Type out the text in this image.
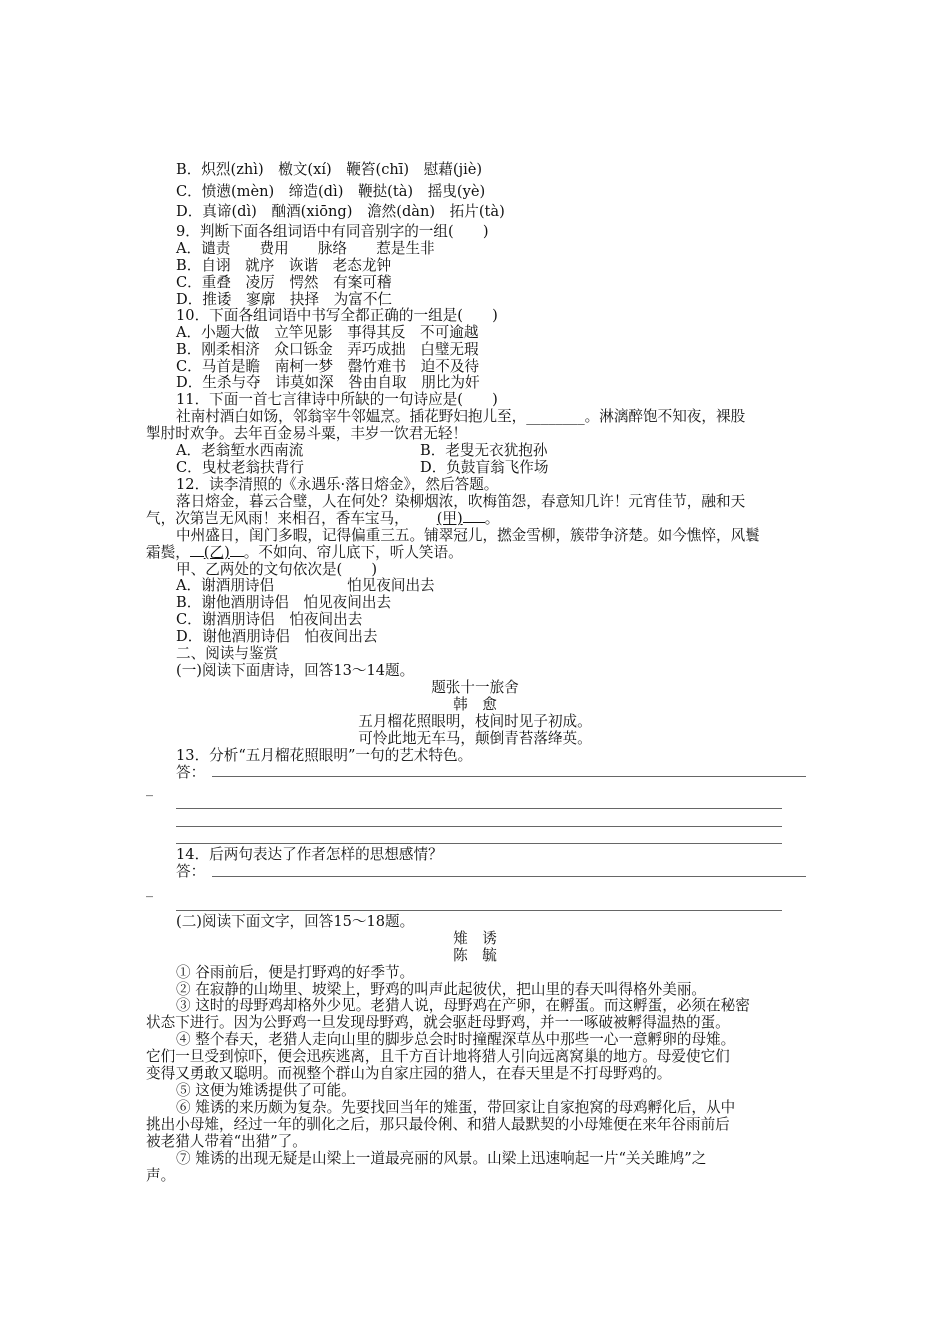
B．炽烈(zhì)　檄文(xí)　鞭笞(chī)　慰藉(jiè)
C．愤懑(mèn)　缔造(dì)　鞭挞(tà)　摇曳(yè)
D．真谛(dì)　酗酒(xiōng)　澹然(dàn)　拓片(tà)
9．判断下面各组词语中有同音别字的一组(　　)
A．谴责　　费用　　脉络　　惹是生非
B．自诩　就序　诙谐　老态龙钟
C．重叠　凌厉　愕然　有案可稽
D．推诿　寥廓　抉择　为富不仁
10．下面各组词语中书写全都正确的一组是(　　)
A．小题大做　立竿见影　事得其反　不可逾越
B．刚柔相济　众口铄金　弄巧成拙　白璧无瑕
C．马首是瞻　南柯一梦　罄竹难书　迫不及待
D．生杀与夺　讳莫如深　咎由自取　朋比为奸
11．下面一首七言律诗中所缺的一句诗应是(　　)
社南村酒白如饧，邻翁宰牛邻媪烹。插花野妇抱儿至，________。淋漓醉饱不知夜，裸股
掣肘时欢争。去年百金易斗粟，丰岁一饮君无轻！
A．老翁堑水西南流	B．老叟无衣犹抱孙
C．曳杖老翁扶背行	D．负鼓盲翁飞作场
12．读李清照的《永遇乐·落日熔金》，然后答题。
落日熔金，暮云合璧，人在何处？染柳烟浓，吹梅笛怨，春意知几许！元宵佳节，融和天
气，次第岂无风雨！来相召，香车宝马， (甲) 。
中州盛日，闺门多暇，记得偏重三五。铺翠冠儿，撚金雪柳，簇带争济楚。如今憔悴，风鬟
霜鬓， (乙) 。不如向、帘儿底下，听人笑语。
甲、乙两处的文句依次是(　　)
A．谢酒朋诗侣　　　　　怕见夜间出去
B．谢他酒朋诗侣　怕见夜间出去
C．谢酒朋诗侣　怕夜间出去
D．谢他酒朋诗侣　怕夜间出去
二、阅读与鉴赏
(一)阅读下面唐诗，回答13～14题。
题张十一旅舍
韩　愈
五月榴花照眼明，枝间时见子初成。
可怜此地无车马，颠倒青苔落绛英。
13．分析“五月榴花照眼明”一句的艺术特色。
答：
_
14．后两句表达了作者怎样的思想感情？
答：
_
(二)阅读下面文字，回答15～18题。
雉　诱
陈　毓
① 谷雨前后，便是打野鸡的好季节。
② 在寂静的山坳里、坡梁上，野鸡的叫声此起彼伏，把山里的春天叫得格外美丽。
③ 这时的母野鸡却格外少见。老猎人说，母野鸡在产卵，在孵蛋。而这孵蛋，必须在秘密
状态下进行。因为公野鸡一旦发现母野鸡，就会驱赶母野鸡，并一一啄破被孵得温热的蛋。
④ 整个春天，老猎人走向山里的脚步总会时时撞醒深草丛中那些一心一意孵卵的母雉。
它们一旦受到惊吓，便会迅疾逃离，且千方百计地将猎人引向远离窝巢的地方。母爱使它们
变得又勇敢又聪明。而视整个群山为自家庄园的猎人，在春天里是不打母野鸡的。
⑤ 这便为雉诱提供了可能。
⑥ 雉诱的来历颇为复杂。先要找回当年的雉蛋，带回家让自家抱窝的母鸡孵化后，从中
挑出小母雉，经过一年的驯化之后，那只最伶俐、和猎人最默契的小母雉便在来年谷雨前后
被老猎人带着“出猎”了。
⑦ 雉诱的出现无疑是山梁上一道最亮丽的风景。山梁上迅速响起一片“关关雎鸠”之
声。
